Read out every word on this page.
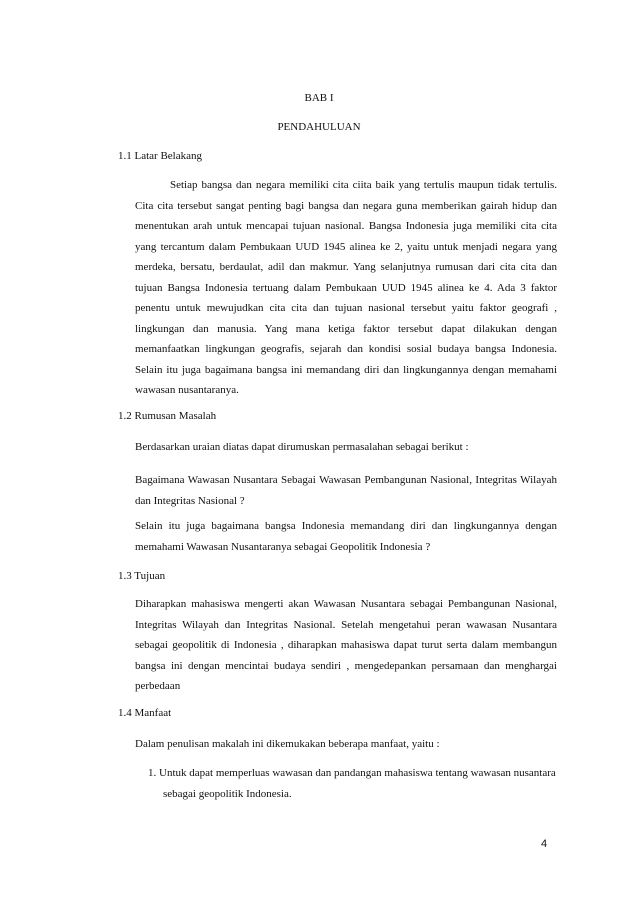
BAB I
PENDAHULUAN
1.1 Latar Belakang

Setiap bangsa dan negara memiliki cita ciita baik yang tertulis maupun tidak tertulis. Cita cita tersebut sangat penting bagi bangsa dan negara guna memberikan gairah hidup dan menentukan arah untuk mencapai tujuan nasional. Bangsa Indonesia juga memiliki cita cita yang tercantum dalam Pembukaan UUD 1945 alinea ke 2, yaitu untuk menjadi negara yang merdeka, bersatu, berdaulat, adil dan makmur. Yang selanjutnya rumusan dari cita cita dan tujuan Bangsa Indonesia tertuang dalam Pembukaan UUD 1945 alinea ke 4. Ada 3 faktor penentu untuk mewujudkan cita cita dan tujuan nasional tersebut yaitu faktor geografi , lingkungan dan manusia. Yang mana ketiga faktor tersebut dapat dilakukan dengan memanfaatkan lingkungan geografis, sejarah dan kondisi sosial budaya bangsa Indonesia. Selain itu juga bagaimana bangsa ini memandang diri dan lingkungannya dengan memahami wawasan nusantaranya.

1.2 Rumusan Masalah

Berdasarkan uraian diatas dapat dirumuskan permasalahan sebagai berikut :

Bagaimana Wawasan Nusantara Sebagai Wawasan Pembangunan Nasional, Integritas Wilayah dan Integritas Nasional ?

Selain itu juga bagaimana bangsa Indonesia memandang diri dan lingkungannya dengan memahami Wawasan Nusantaranya sebagai Geopolitik Indonesia ?

1.3 Tujuan

Diharapkan mahasiswa mengerti akan Wawasan Nusantara sebagai Pembangunan Nasional, Integritas Wilayah dan Integritas Nasional. Setelah mengetahui peran wawasan Nusantara sebagai geopolitik di Indonesia , diharapkan mahasiswa dapat turut serta dalam membangun bangsa ini dengan mencintai budaya sendiri , mengedepankan persamaan dan menghargai perbedaan

1.4 Manfaat

Dalam penulisan makalah ini dikemukakan beberapa manfaat, yaitu :

1. Untuk dapat memperluas wawasan dan pandangan mahasiswa tentang wawasan nusantara sebagai geopolitik Indonesia.

4
